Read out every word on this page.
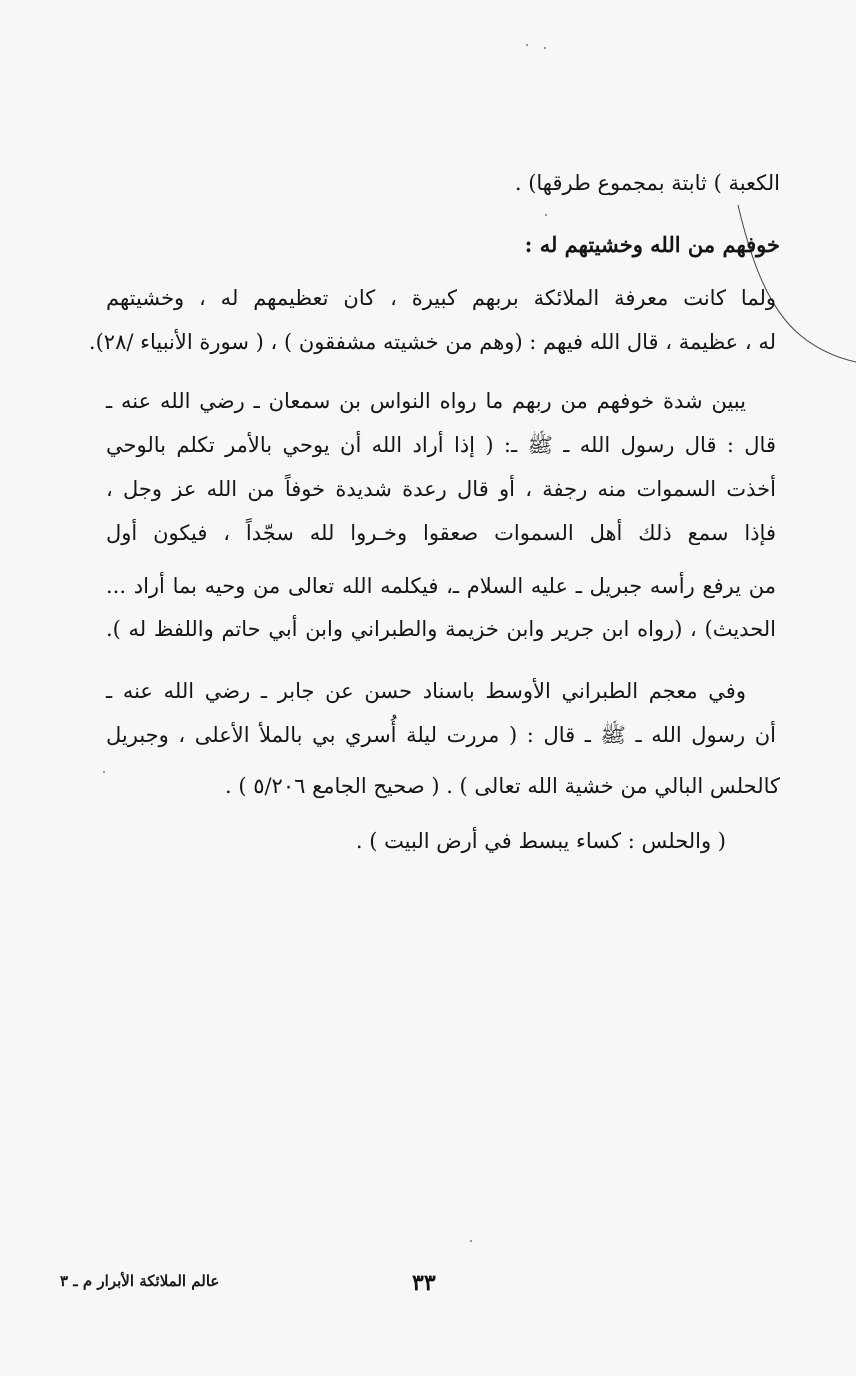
الكعبة ) ثابتة بمجموع طرقها) .
خوفهم من الله وخشيتهم له :
ولما كانت معرفة الملائكة بربهم كبيرة ، كان تعظيمهم له ، وخشيتهم
له ، عظيمة ، قال الله فيهم : (وهم من خشيته مشفقون ) ، ( سورة الأنبياء /٢٨).
يبين شدة خوفهم من ربهم ما رواه النواس بن سمعان ـ رضي الله عنه ـ
قال : قال رسول الله ـ ﷺ ـ: ( إذا أراد الله أن يوحي بالأمر تكلم بالوحي
أخذت السموات منه رجفة ، أو قال رعدة شديدة خوفاً من الله عز وجل ،
فإذا سمع ذلك أهل السموات صعقوا وخـروا لله سجّداً ، فيكون أول
من يرفع رأسه جبريل ـ عليه السلام ـ، فيكلمه الله تعالى من وحيه بما أراد ...
الحديث) ، (رواه ابن جرير وابن خزيمة والطبراني وابن أبي حاتم واللفظ له ).
وفي معجم الطبراني الأوسط باسناد حسن عن جابر ـ رضي الله عنه ـ
أن رسول الله ـ ﷺ ـ قال : ( مررت ليلة أُسري بي بالملأ الأعلى ، وجبريل
كالحلس البالي من خشية الله تعالى ) . ( صحيح الجامع ٥/٢٠٦ ) .
( والحلس : كساء يبسط في أرض البيت ) .
٣٣
عالم الملائكة الأبرار م ـ ٣
